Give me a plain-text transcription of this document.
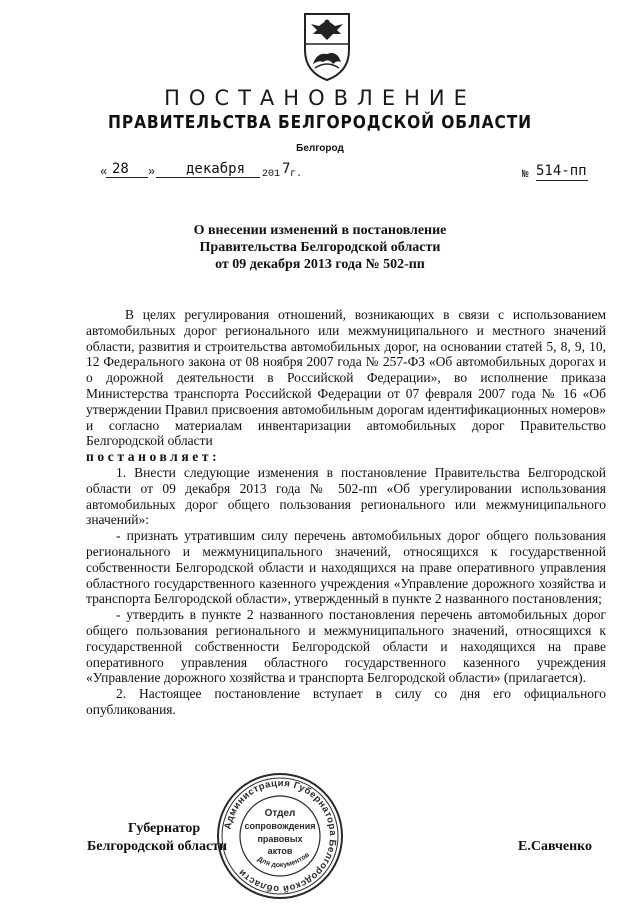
ПОСТАНОВЛЕНИЕ
ПРАВИТЕЛЬСТВА БЕЛГОРОДСКОЙ ОБЛАСТИ
Белгород
« 28 » декабря 201 7 г.	№ 514-пп
О внесении изменений в постановление
Правительства Белгородской области
от 09 декабря 2013 года № 502-пп

В целях регулирования отношений, возникающих в связи с использованием автомобильных дорог регионального или межмуниципального и местного значений области, развития и строительства автомобильных дорог, на основании статей 5, 8, 9, 10, 12 Федерального закона от 08 ноября 2007 года № 257-ФЗ «Об автомобильных дорогах и о дорожной деятельности в Российской Федерации», во исполнение приказа Министерства транспорта Российской Федерации от 07 февраля 2007 года № 16 «Об утверждении Правил присвоения автомобильным дорогам идентификационных номеров» и согласно материалам инвентаризации автомобильных дорог Правительство Белгородской области

постановляет:

1. Внести следующие изменения в постановление Правительства Белгородской области от 09 декабря 2013 года № 502-пп «Об урегулировании использования автомобильных дорог общего пользования регионального или межмуниципального значений»:

- признать утратившим силу перечень автомобильных дорог общего пользования регионального и межмуниципального значений, относящихся к государственной собственности Белгородской области и находящихся на праве оперативного управления областного государственного казенного учреждения «Управление дорожного хозяйства и транспорта Белгородской области», утвержденный в пункте 2 названного постановления;

- утвердить в пункте 2 названного постановления перечень автомобильных дорог общего пользования регионального и межмуниципального значений, относящихся к государственной собственности Белгородской области и находящихся на праве оперативного управления областного государственного казенного учреждения «Управление дорожного хозяйства и транспорта Белгородской области» (прилагается).

2. Настоящее постановление вступает в силу со дня его официального опубликования.

Губернатор
Белгородской области	Е.Савченко
Администрация Губернатора Белгородской области
Отдел
сопровождения
правовых
актов
Для документов
